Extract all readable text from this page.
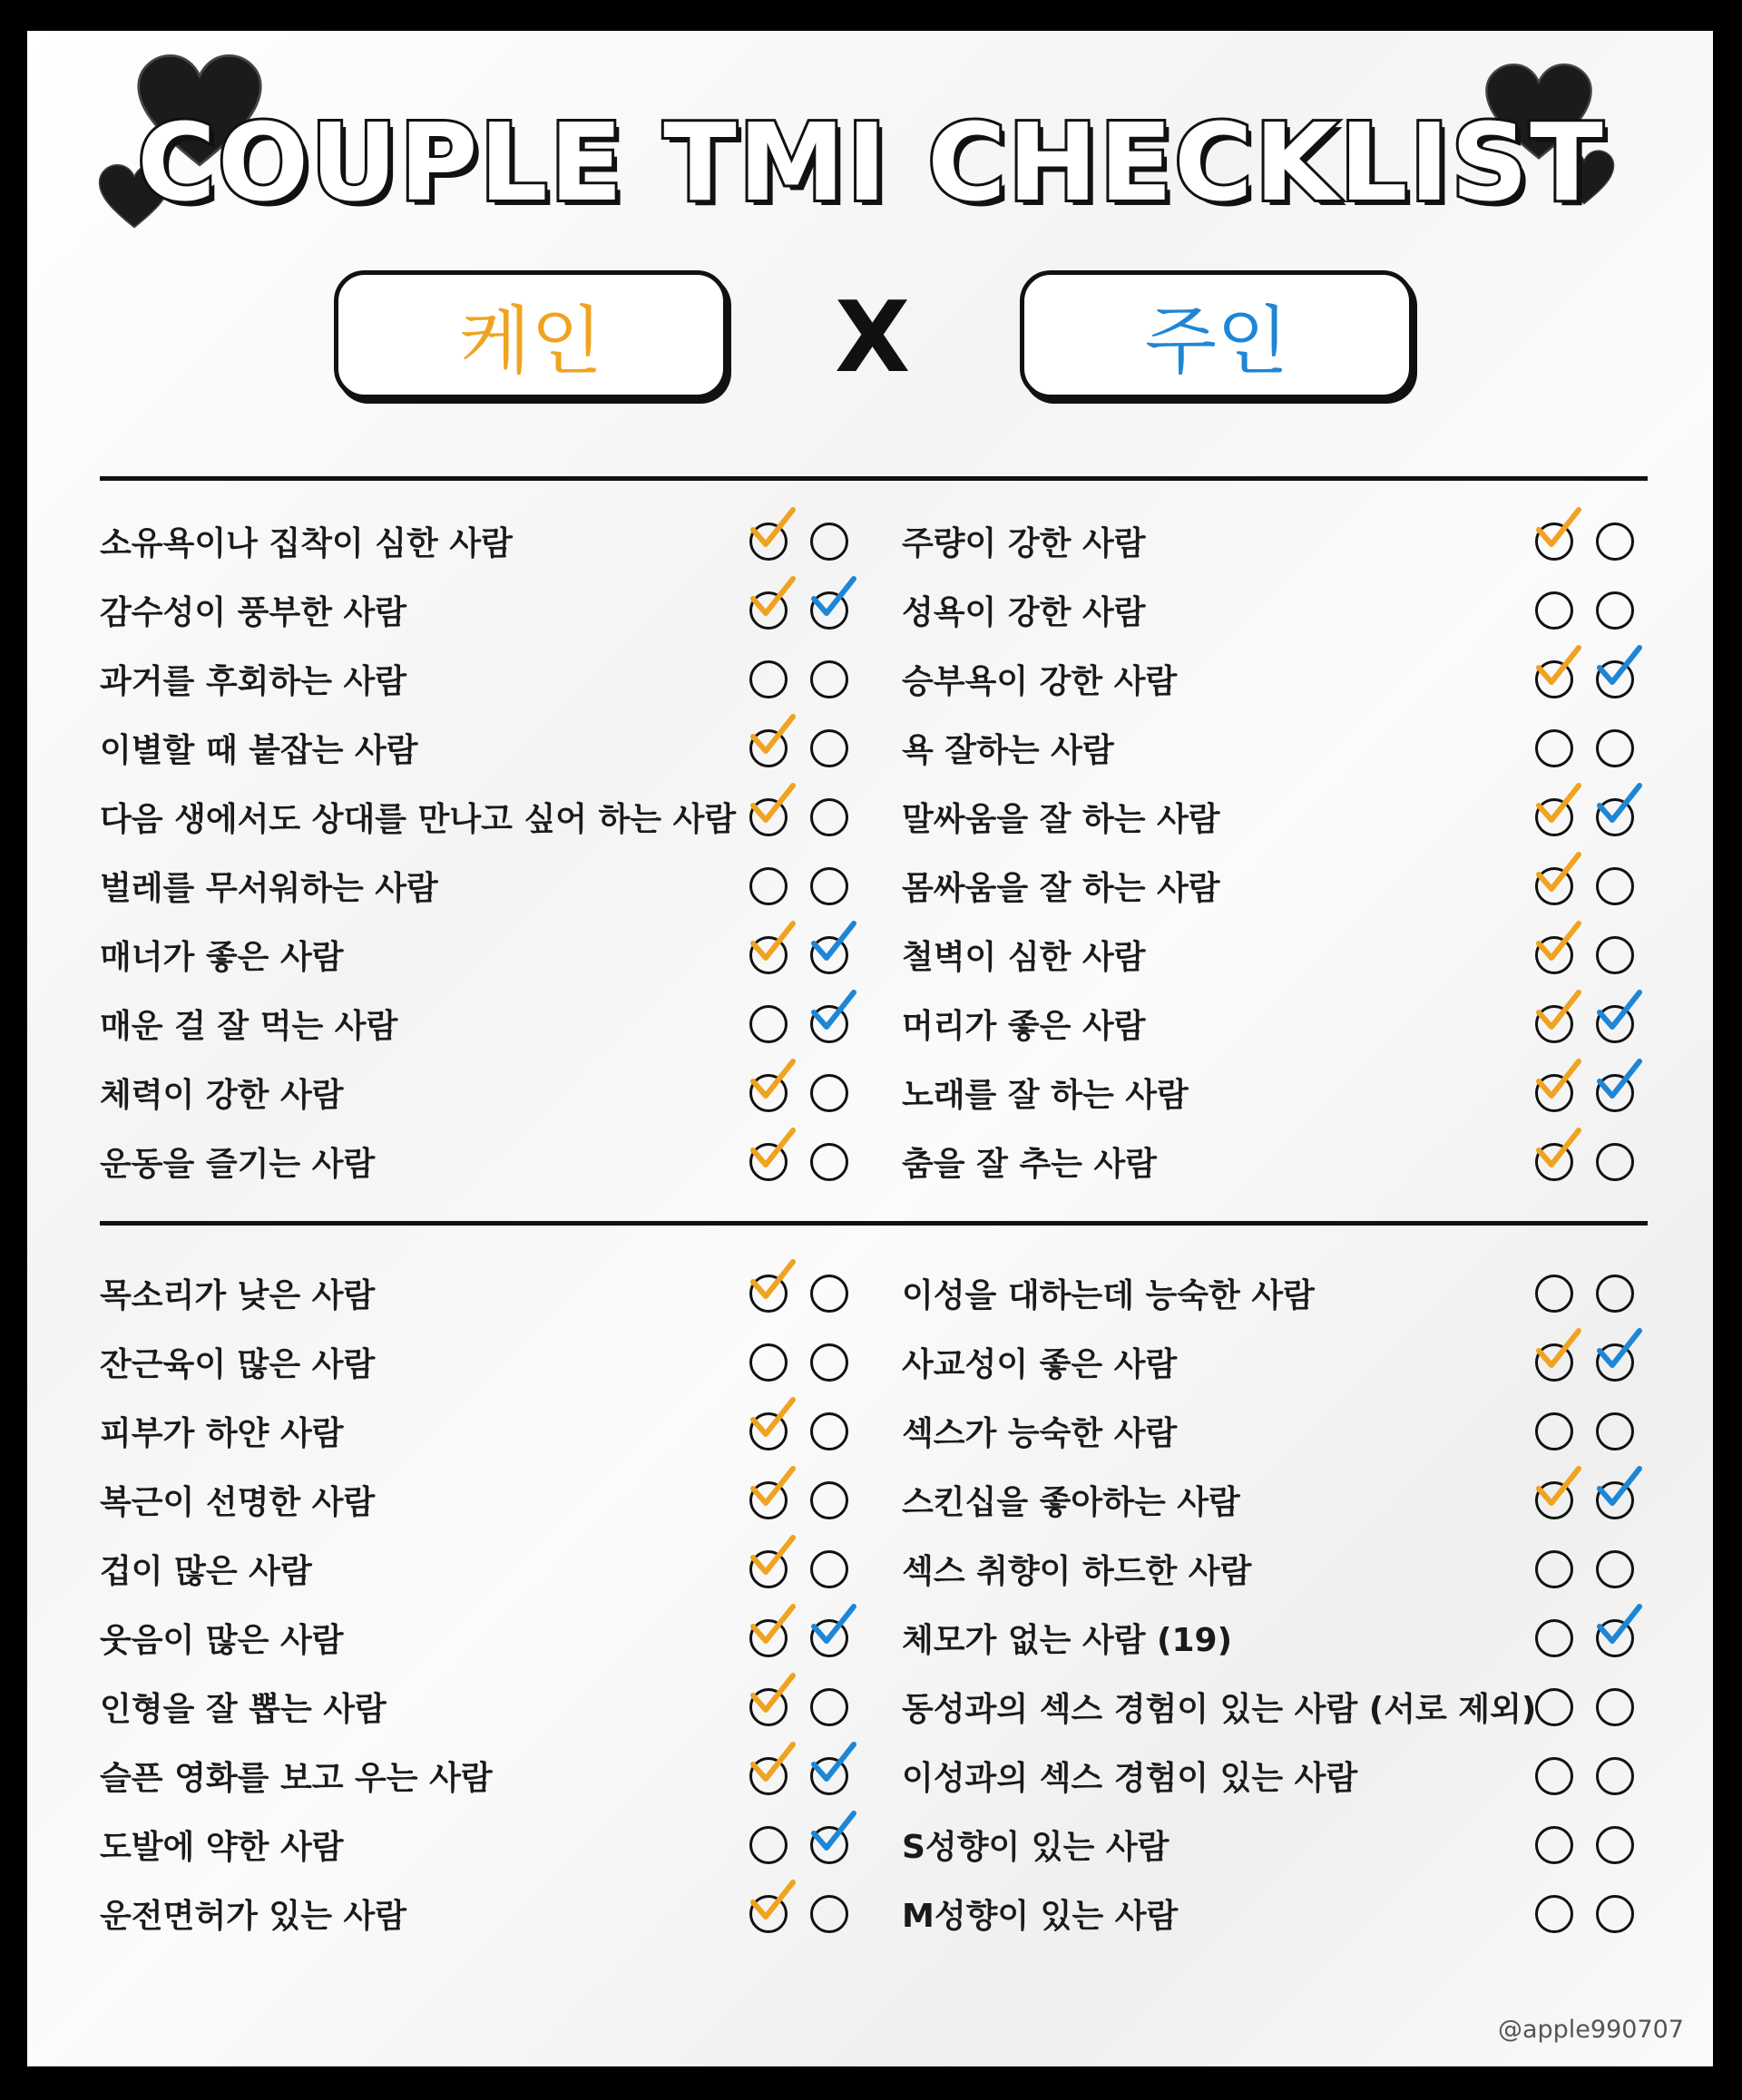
COUPLE TMI CHECKLIST
케인 X	주인
소유욕이나 집착이 심한 사람
감수성이 풍부한 사람
과거를 후회하는 사람
이별할 때 붙잡는 사람
다음 생에서도 상대를 만나고 싶어 하는 사람
벌레를 무서워하는 사람
매너가 좋은 사람
매운 걸 잘 먹는 사람
체력이 강한 사람
운동을 즐기는 사람
주량이 강한 사람
성욕이 강한 사람
승부욕이 강한 사람
욕 잘하는 사람
말싸움을 잘 하는 사람
몸싸움을 잘 하는 사람
철벽이 심한 사람
머리가 좋은 사람
노래를 잘 하는 사람
춤을 잘 추는 사람
목소리가 낮은 사람
잔근육이 많은 사람
피부가 하얀 사람
복근이 선명한 사람
겁이 많은 사람
웃음이 많은 사람
인형을 잘 뽑는 사람
슬픈 영화를 보고 우는 사람
도발에 약한 사람
운전면허가 있는 사람
이성을 대하는데 능숙한 사람
사교성이 좋은 사람
섹스가 능숙한 사람
스킨십을 좋아하는 사람
섹스 취향이 하드한 사람
체모가 없는 사람 (19)
동성과의 섹스 경험이 있는 사람 (서로 제외)
이성과의 섹스 경험이 있는 사람
S성향이 있는 사람
M성향이 있는 사람
@apple990707
